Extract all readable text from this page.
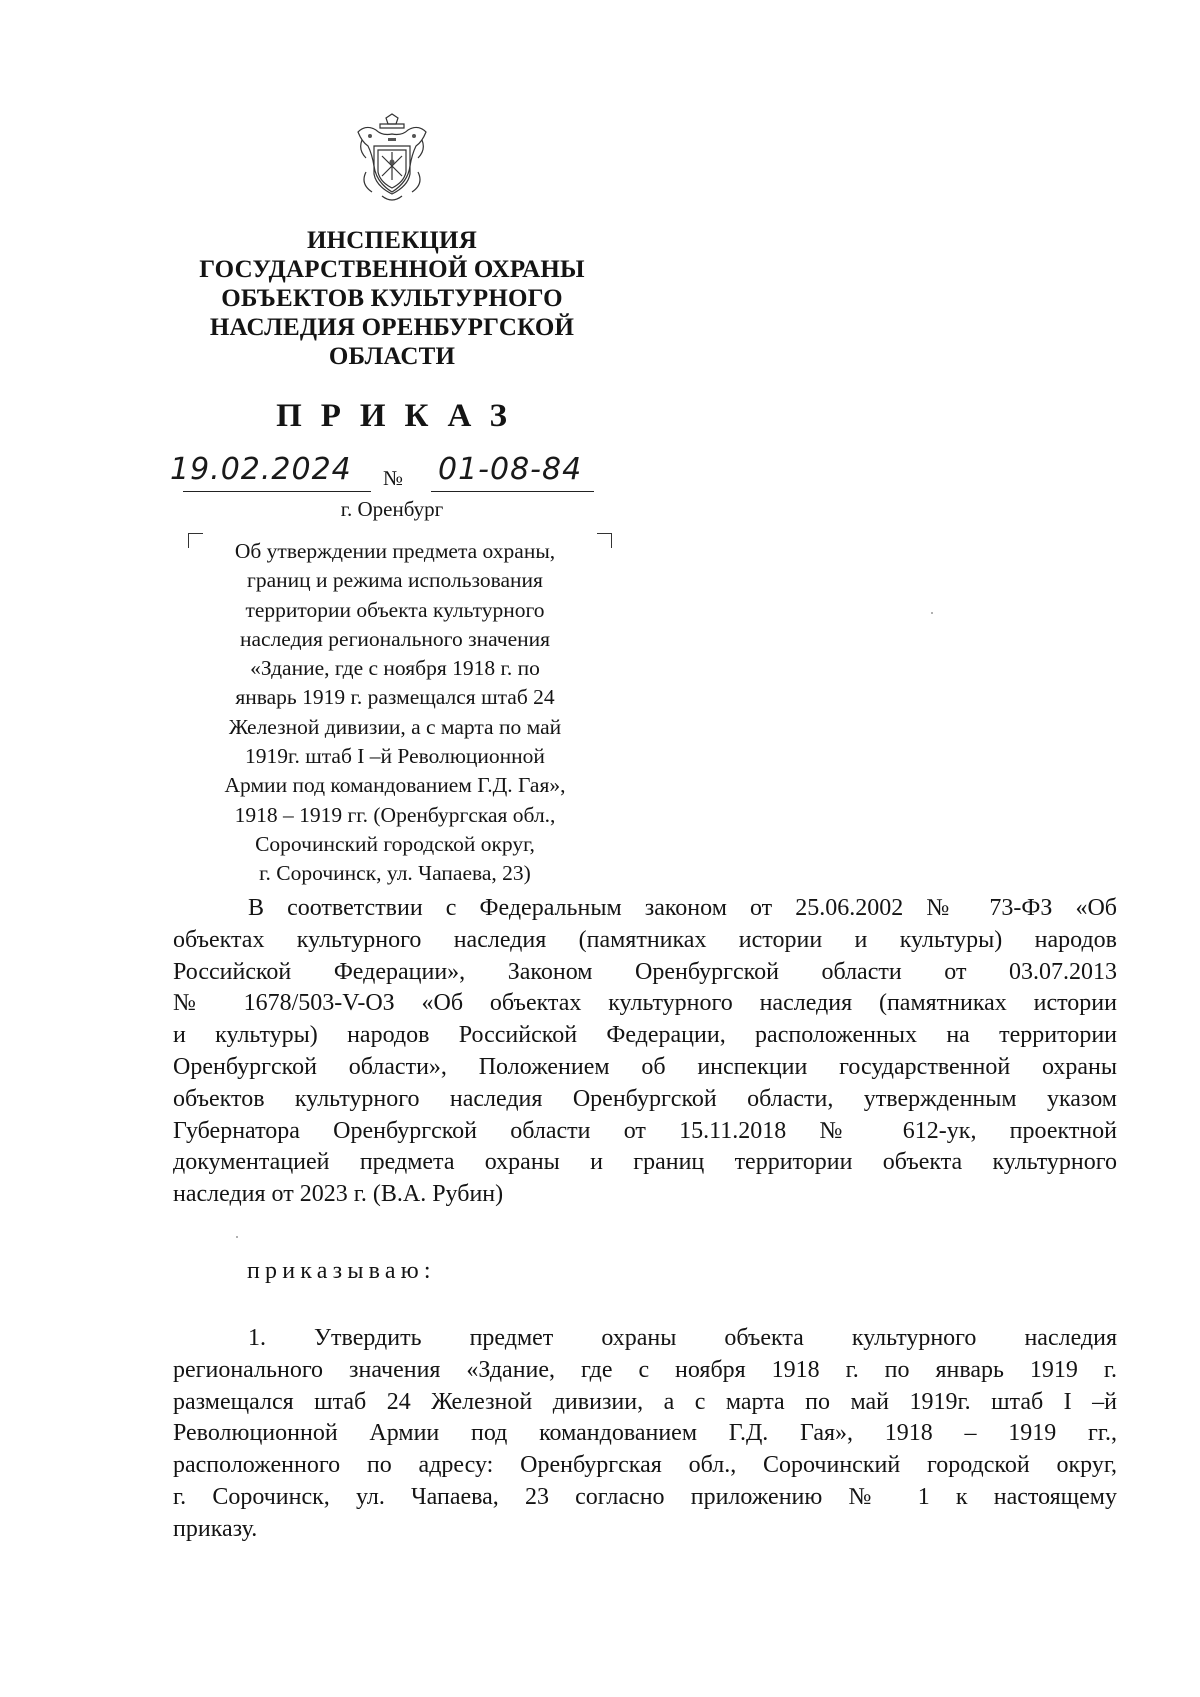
ИНСПЕКЦИЯ
ГОСУДАРСТВЕННОЙ ОХРАНЫ
ОБЪЕКТОВ КУЛЬТУРНОГО
НАСЛЕДИЯ ОРЕНБУРГСКОЙ
ОБЛАСТИ
ПРИКАЗ
19.02.2024 № 01-08-84
г. Оренбург
Об утверждении предмета охраны,
границ и режима использования
территории объекта культурного
наследия регионального значения
«Здание, где с ноября 1918 г. по
январь 1919 г. размещался штаб 24
Железной дивизии, а с марта по май
1919г. штаб I –й Революционной
Армии под командованием Г.Д. Гая»,
1918 – 1919 гг. (Оренбургская обл.,
Сорочинский городской округ,
г. Сорочинск, ул. Чапаева, 23)
В соответствии с Федеральным законом от 25.06.2002 № 73-ФЗ «Об
объектах культурного наследия (памятниках истории и культуры) народов
Российской Федерации», Законом Оренбургской области от 03.07.2013
№ 1678/503-V-ОЗ «Об объектах культурного наследия (памятниках истории
и культуры) народов Российской Федерации, расположенных на территории
Оренбургской области», Положением об инспекции государственной охраны
объектов культурного наследия Оренбургской области, утвержденным указом
Губернатора Оренбургской области от 15.11.2018 № 612-ук, проектной
документацией предмета охраны и границ территории объекта культурного
наследия от 2023 г. (В.А. Рубин)
приказываю:
1. Утвердить предмет охраны объекта культурного наследия
регионального значения «Здание, где с ноября 1918 г. по январь 1919 г.
размещался штаб 24 Железной дивизии, а с марта по май 1919г. штаб I –й
Революционной Армии под командованием Г.Д. Гая», 1918 – 1919 гг.,
расположенного по адресу: Оренбургская обл., Сорочинский городской округ,
г. Сорочинск, ул. Чапаева, 23 согласно приложению № 1 к настоящему
приказу.
